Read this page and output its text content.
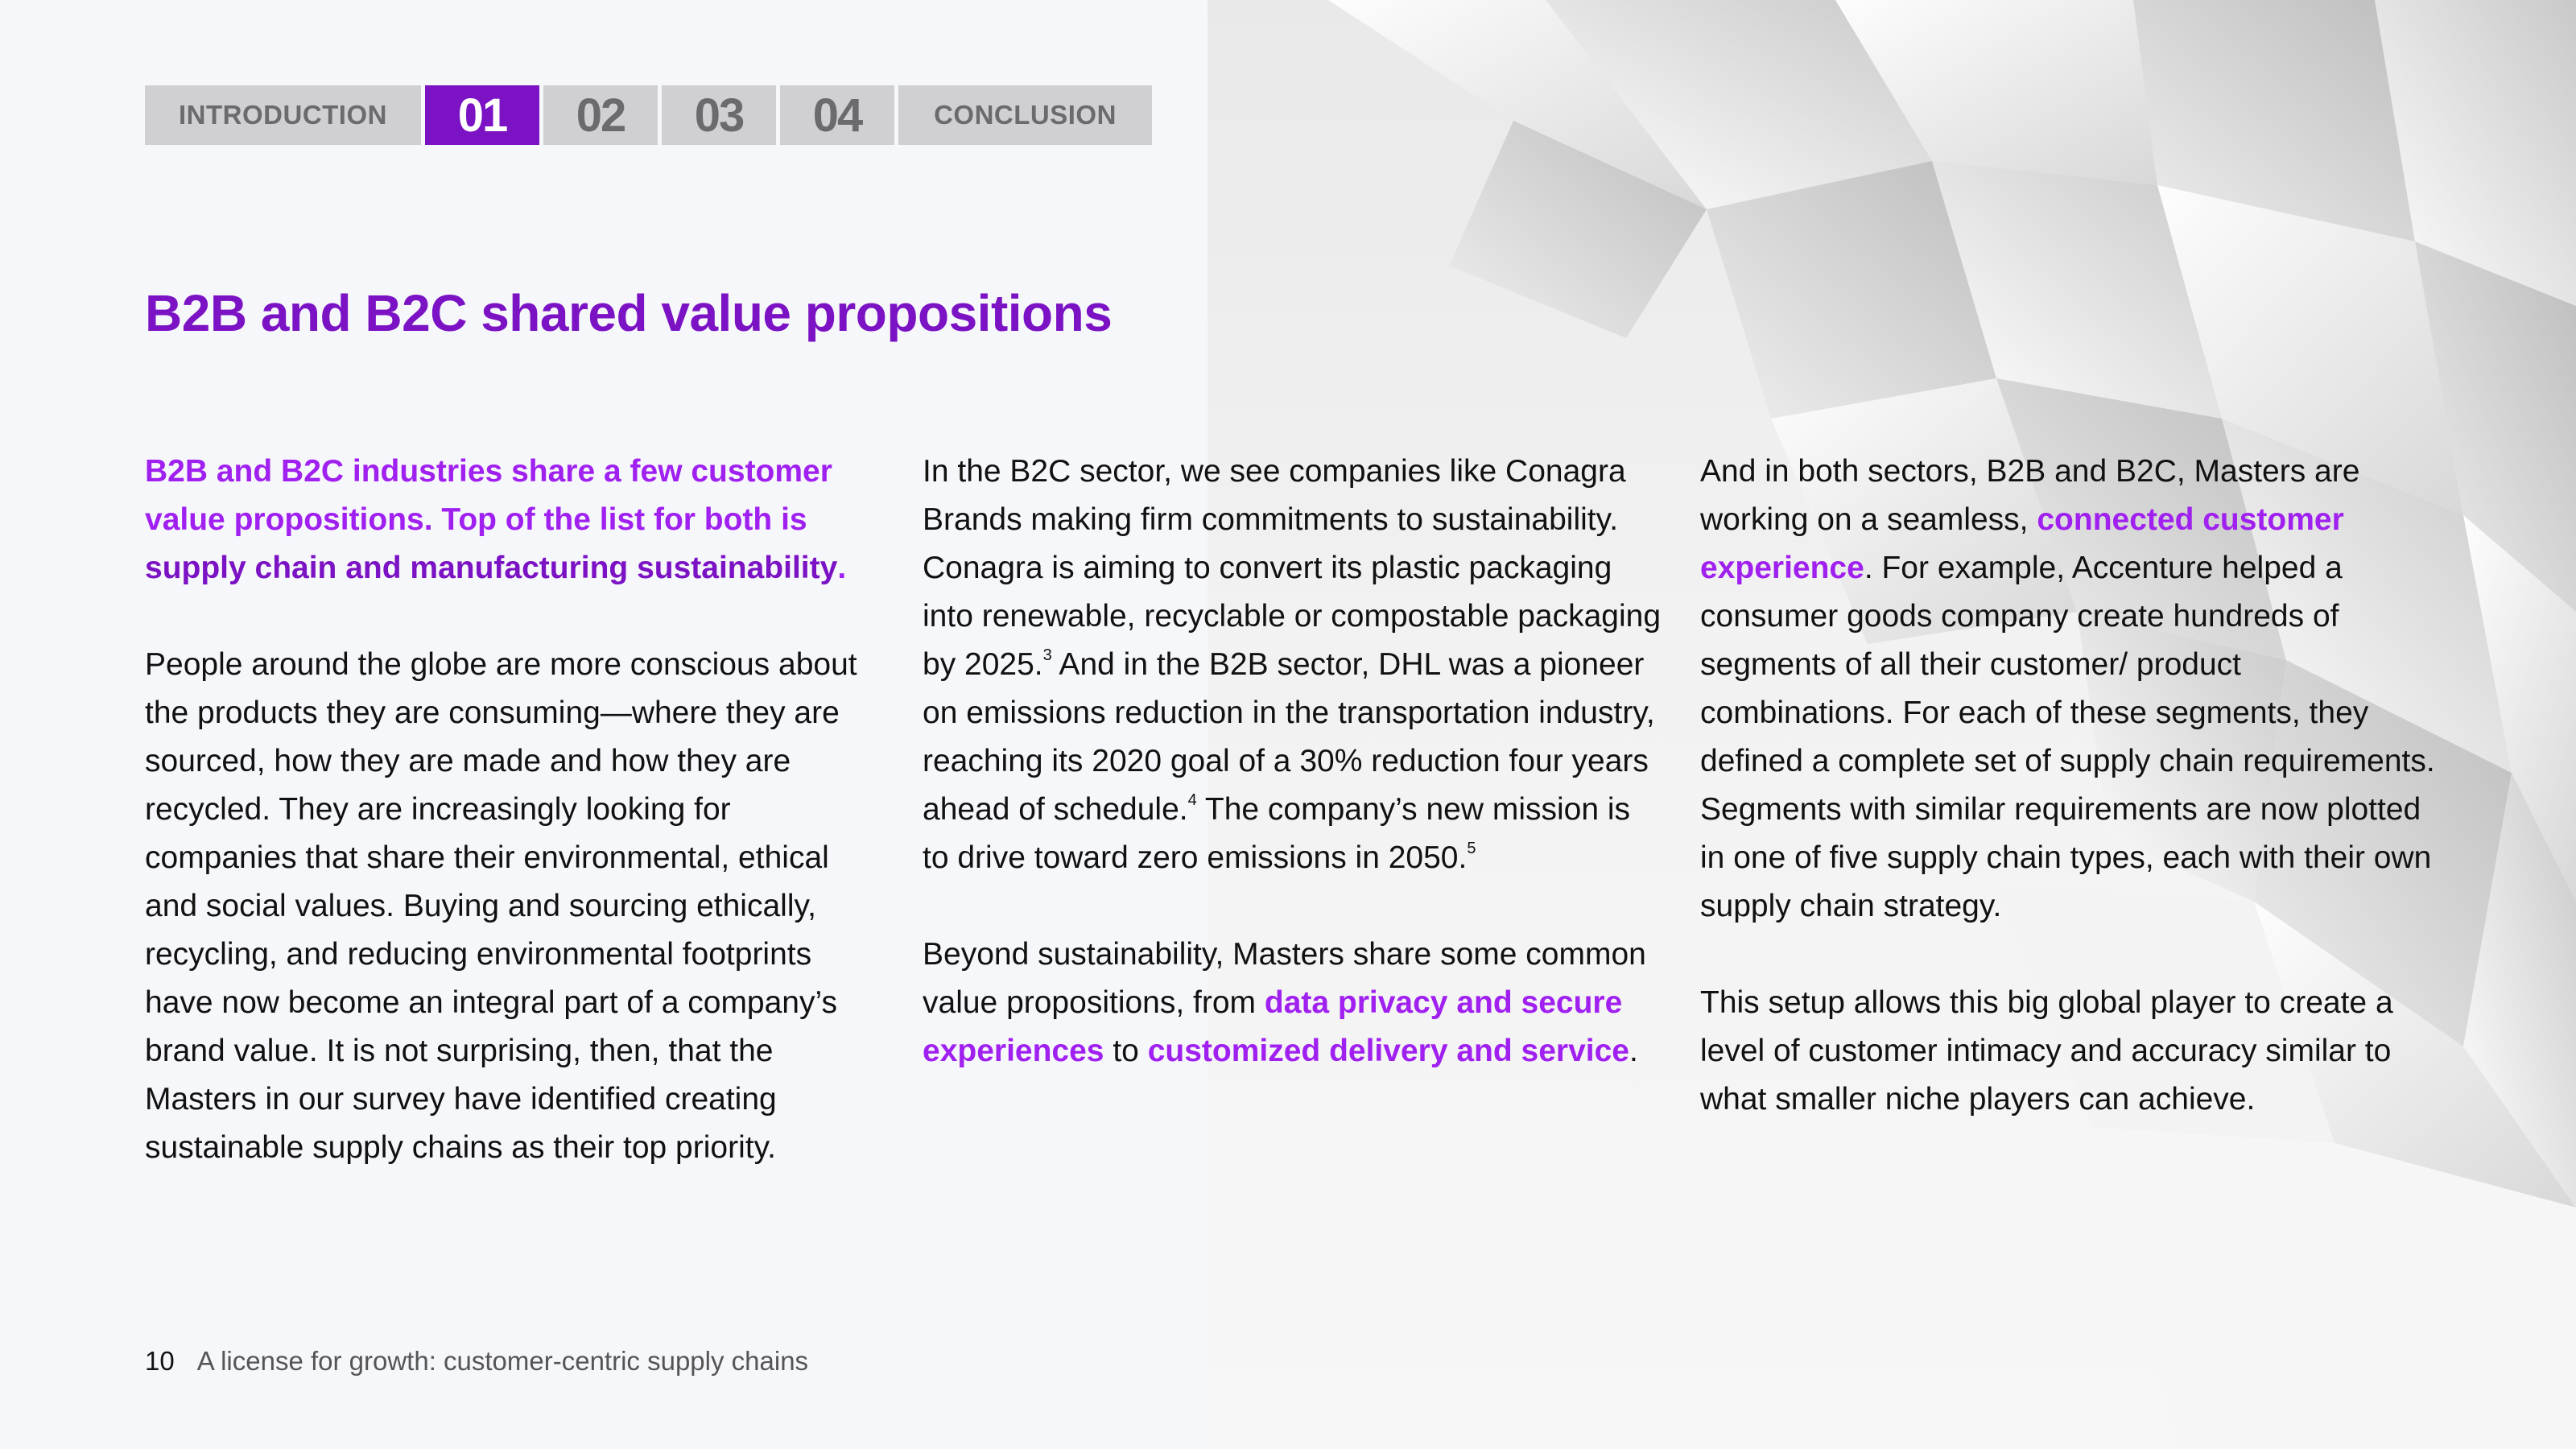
INTRODUCTION	01	02	03	04	CONCLUSION
B2B and B2C shared value propositions

B2B and B2C industries share a few customer value propositions. Top of the list for both is supply chain and manufacturing sustainability.

People around the globe are more conscious about the products they are consuming—where they are sourced, how they are made and how they are recycled. They are increasingly looking for companies that share their environmental, ethical and social values. Buying and sourcing ethically, recycling, and reducing environmental footprints have now become an integral part of a company’s brand value. It is not surprising, then, that the Masters in our survey have identified creating sustainable supply chains as their top priority.

In the B2C sector, we see companies like Conagra Brands making firm commitments to sustainability. Conagra is aiming to convert its plastic packaging into renewable, recyclable or compostable packaging by 2025.$^3$ And in the B2B sector, DHL was a pioneer on emissions reduction in the transportation industry, reaching its 2020 goal of a 30% reduction four years ahead of schedule.$^4$ The company’s new mission is to drive toward zero emissions in 2050.$^5$

Beyond sustainability, Masters share some common value propositions, from data privacy and secure experiences to customized delivery and service.

And in both sectors, B2B and B2C, Masters are working on a seamless, connected customer experience. For example, Accenture helped a consumer goods company create hundreds of segments of all their customer/ product combinations. For each of these segments, they defined a complete set of supply chain requirements. Segments with similar requirements are now plotted in one of five supply chain types, each with their own supply chain strategy.

This setup allows this big global player to create a level of customer intimacy and accuracy similar to what smaller niche players can achieve.

10 A license for growth: customer-centric supply chains
